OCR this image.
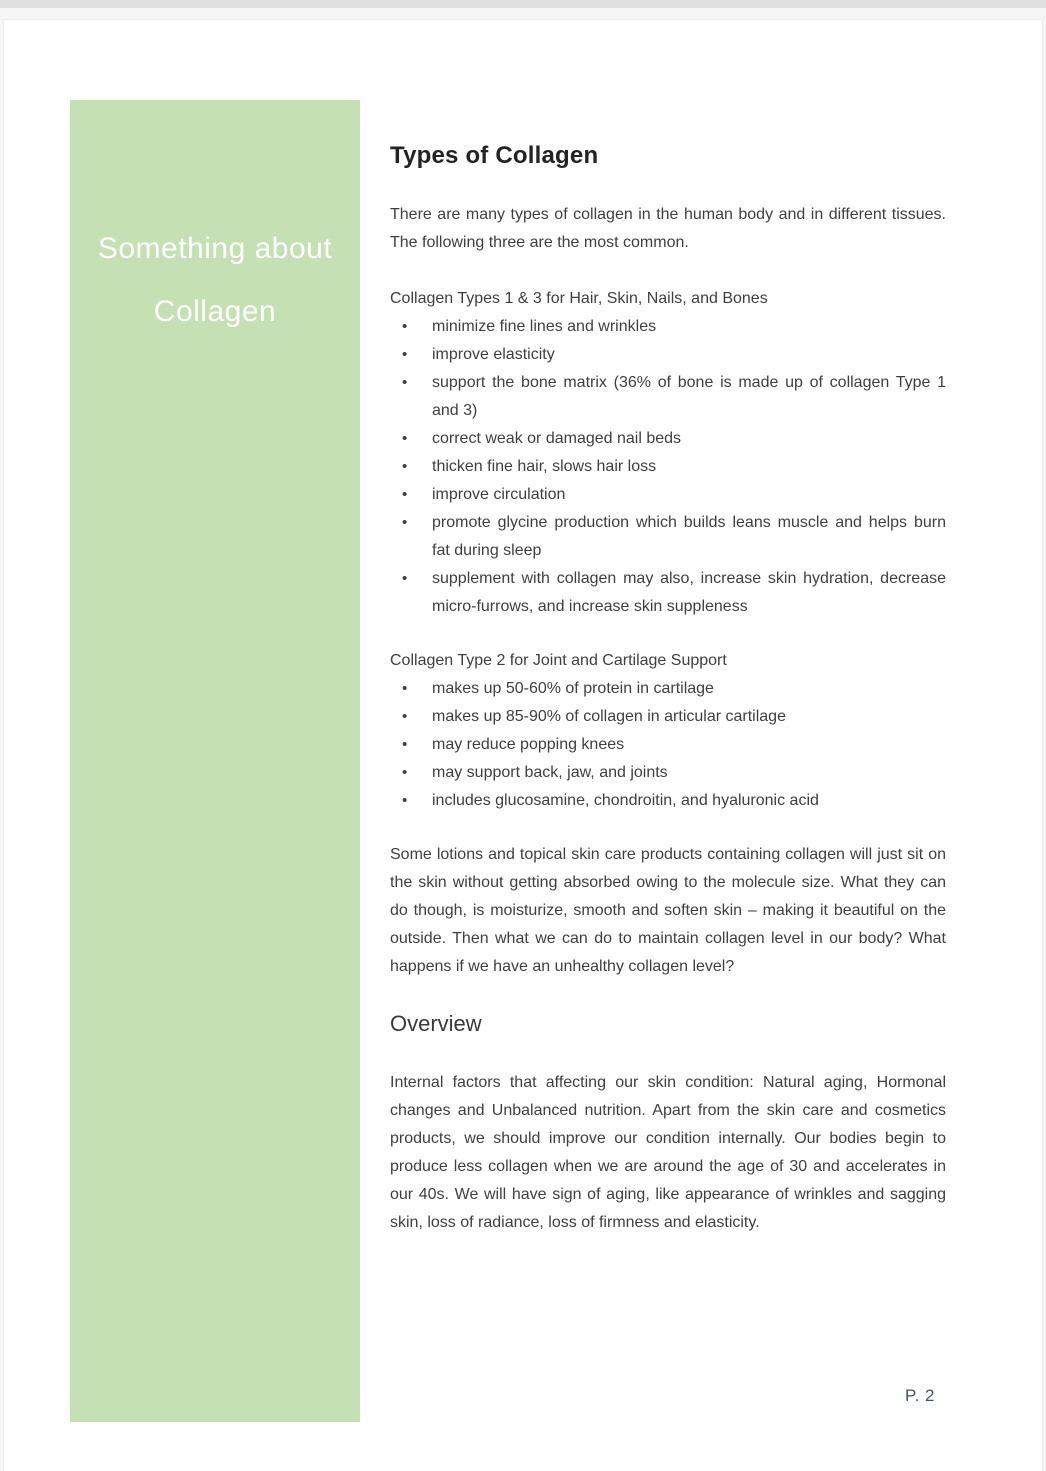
Something about
Collagen
Types of Collagen

There are many types of collagen in the human body and in different tissues. The following three are the most common.

Collagen Types 1 & 3 for Hair, Skin, Nails, and Bones

•	minimize fine lines and wrinkles
•	improve elasticity
•	support the bone matrix (36% of bone is made up of collagen Type 1 and 3)
•	correct weak or damaged nail beds
•	thicken fine hair, slows hair loss
•	improve circulation
•	promote glycine production which builds leans muscle and helps burn fat during sleep
•	supplement with collagen may also, increase skin hydration, decrease micro-furrows, and increase skin suppleness

Collagen Type 2 for Joint and Cartilage Support

•	makes up 50-60% of protein in cartilage
•	makes up 85-90% of collagen in articular cartilage
•	may reduce popping knees
•	may support back, jaw, and joints
•	includes glucosamine, chondroitin, and hyaluronic acid

Some lotions and topical skin care products containing collagen will just sit on the skin without getting absorbed owing to the molecule size. What they can do though, is moisturize, smooth and soften skin – making it beautiful on the outside. Then what we can do to maintain collagen level in our body? What happens if we have an unhealthy collagen level?

Overview

Internal factors that affecting our skin condition: Natural aging, Hormonal changes and Unbalanced nutrition. Apart from the skin care and cosmetics products, we should improve our condition internally. Our bodies begin to produce less collagen when we are around the age of 30 and accelerates in our 40s. We will have sign of aging, like appearance of wrinkles and sagging skin, loss of radiance, loss of firmness and elasticity.

P. 2
